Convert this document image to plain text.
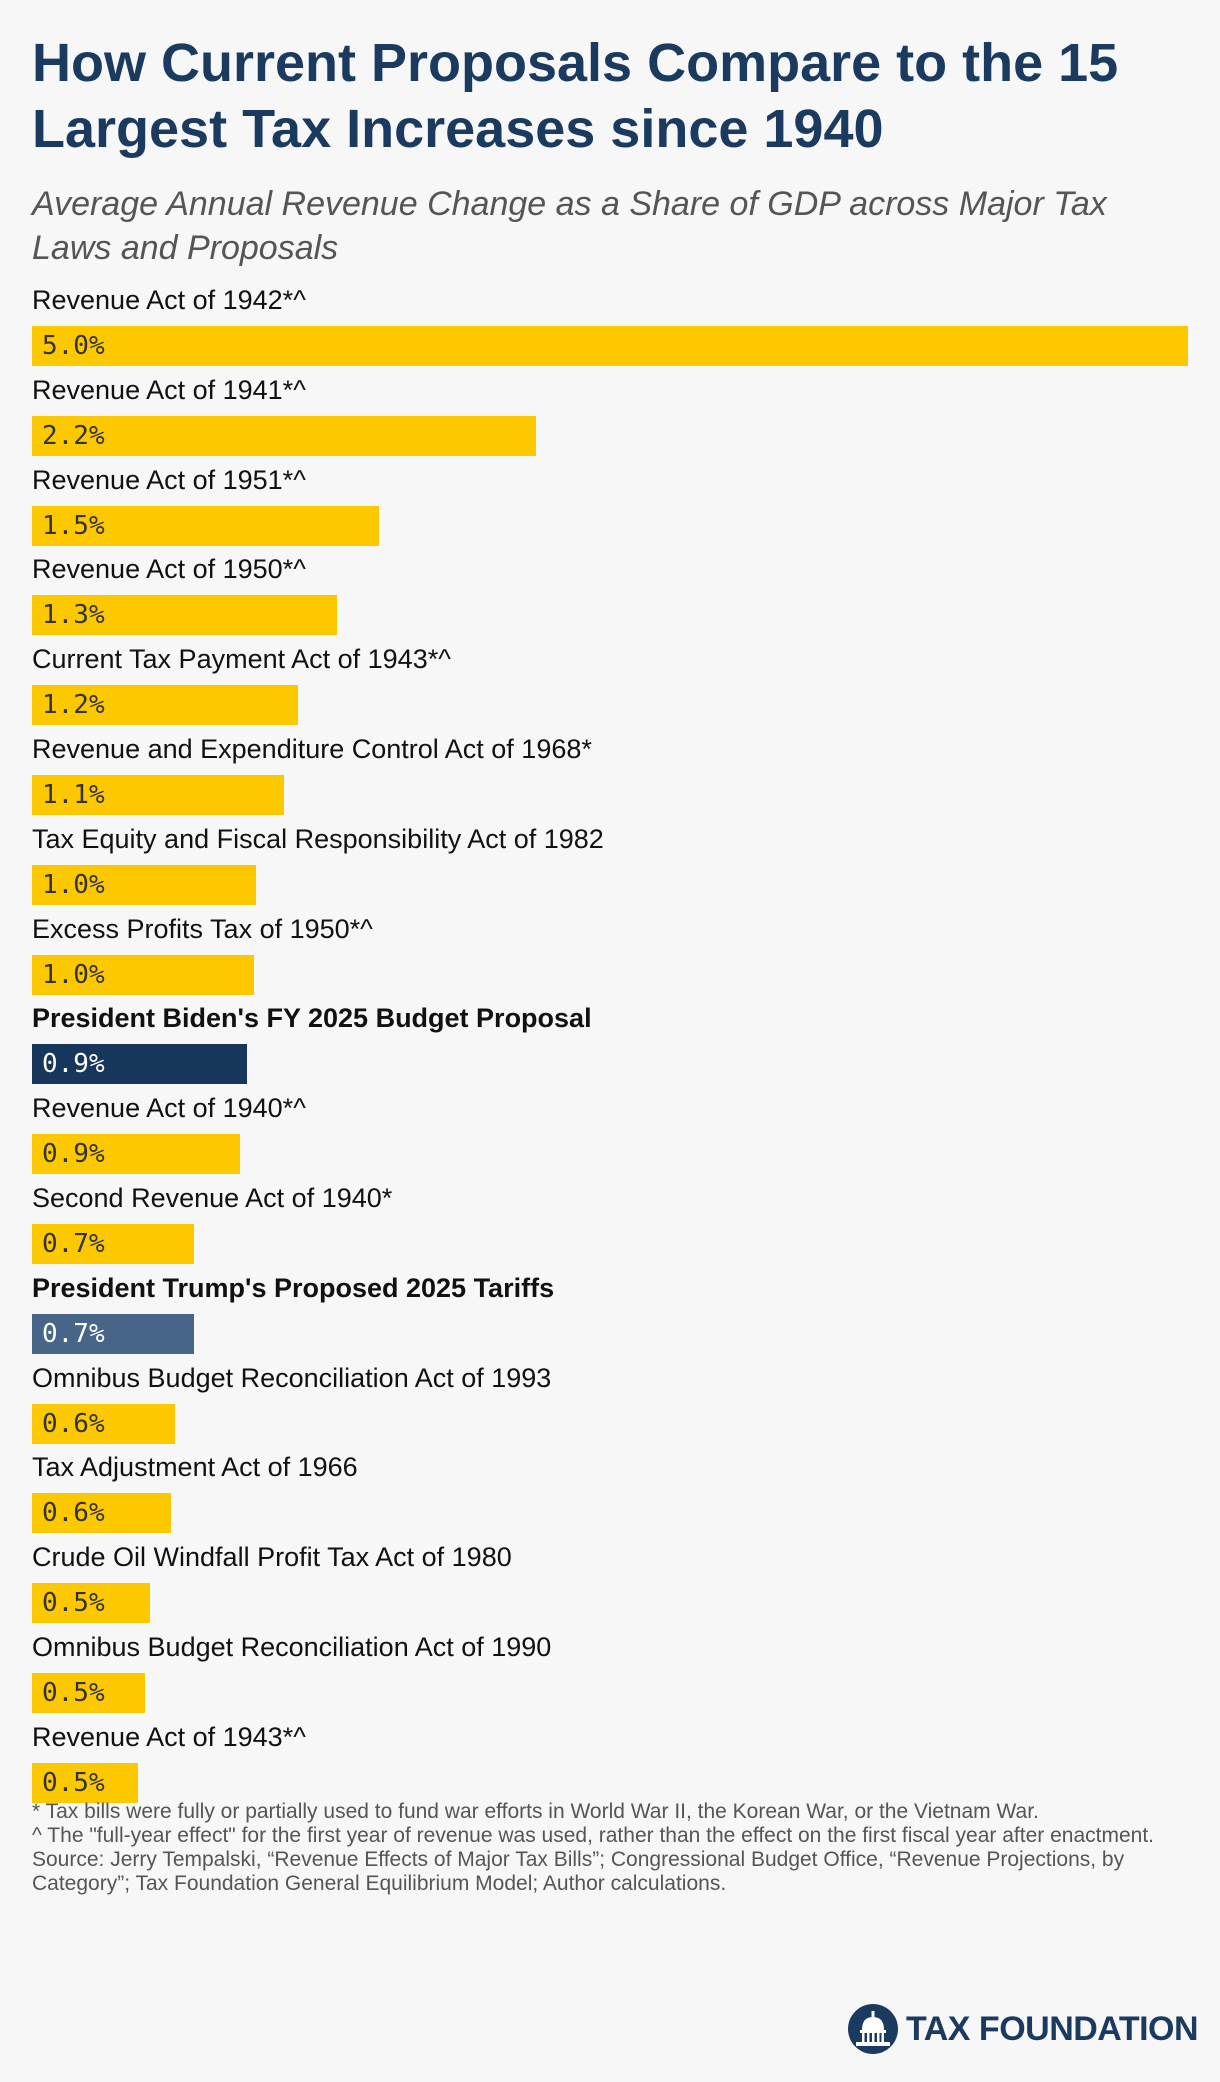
How Current Proposals Compare to the 15 Largest Tax Increases since 1940

Average Annual Revenue Change as a Share of GDP across Major Tax Laws and Proposals

Revenue Act of 1942*^
5.0%
Revenue Act of 1941*^
2.2%
Revenue Act of 1951*^
1.5%
Revenue Act of 1950*^
1.3%
Current Tax Payment Act of 1943*^
1.2%
Revenue and Expenditure Control Act of 1968*
1.1%
Tax Equity and Fiscal Responsibility Act of 1982
1.0%
Excess Profits Tax of 1950*^
1.0%
President Biden's FY 2025 Budget Proposal
0.9%
Revenue Act of 1940*^
0.9%
Second Revenue Act of 1940*
0.7%
President Trump's Proposed 2025 Tariffs
0.7%
Omnibus Budget Reconciliation Act of 1993
0.6%
Tax Adjustment Act of 1966
0.6%
Crude Oil Windfall Profit Tax Act of 1980
0.5%
Omnibus Budget Reconciliation Act of 1990
0.5%
Revenue Act of 1943*^
0.5%

* Tax bills were fully or partially used to fund war efforts in World War II, the Korean War, or the Vietnam War.

^ The "full-year effect" for the first year of revenue was used, rather than the effect on the first fiscal year after enactment.

Source: Jerry Tempalski, “Revenue Effects of Major Tax Bills”; Congressional Budget Office, “Revenue Projections, by Category”; Tax Foundation General Equilibrium Model; Author calculations.

TAX FOUNDATION
